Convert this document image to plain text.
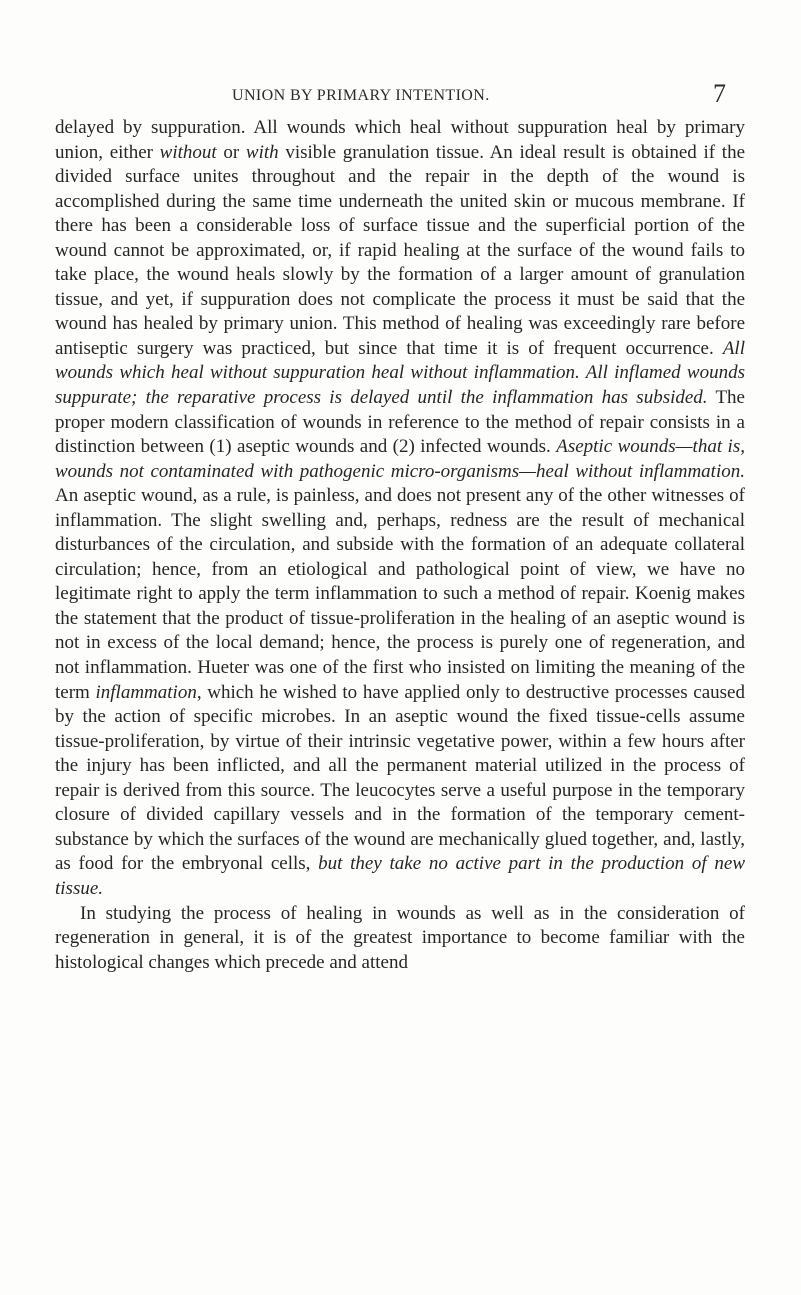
UNION BY PRIMARY INTENTION.	7

delayed by suppuration. All wounds which heal without suppuration heal by primary union, either without or with visible granulation tissue. An ideal result is obtained if the divided surface unites throughout and the repair in the depth of the wound is accomplished during the same time underneath the united skin or mucous membrane. If there has been a considerable loss of surface tissue and the superficial portion of the wound cannot be approximated, or, if rapid healing at the surface of the wound fails to take place, the wound heals slowly by the formation of a larger amount of granulation tissue, and yet, if suppuration does not complicate the process it must be said that the wound has healed by primary union. This method of healing was exceedingly rare before antiseptic surgery was practiced, but since that time it is of frequent occurrence. All wounds which heal without suppuration heal without inflammation. All inflamed wounds suppurate; the reparative process is delayed until the inflammation has subsided. The proper modern classification of wounds in reference to the method of repair consists in a distinction between (1) aseptic wounds and (2) infected wounds. Aseptic wounds—that is, wounds not contaminated with pathogenic micro-organisms—heal without inflammation. An aseptic wound, as a rule, is painless, and does not present any of the other witnesses of inflammation. The slight swelling and, perhaps, redness are the result of mechanical disturbances of the circulation, and subside with the formation of an adequate collateral circulation; hence, from an etiological and pathological point of view, we have no legitimate right to apply the term inflammation to such a method of repair. Koenig makes the statement that the product of tissue-proliferation in the healing of an aseptic wound is not in excess of the local demand; hence, the process is purely one of regeneration, and not inflammation. Hueter was one of the first who insisted on limiting the meaning of the term inflammation, which he wished to have applied only to destructive processes caused by the action of specific microbes. In an aseptic wound the fixed tissue-cells assume tissue-proliferation, by virtue of their intrinsic vegetative power, within a few hours after the injury has been inflicted, and all the permanent material utilized in the process of repair is derived from this source. The leucocytes serve a useful purpose in the temporary closure of divided capillary vessels and in the formation of the temporary cement-substance by which the surfaces of the wound are mechanically glued together, and, lastly, as food for the embryonal cells, but they take no active part in the production of new tissue.

In studying the process of healing in wounds as well as in the consideration of regeneration in general, it is of the greatest importance to become familiar with the histological changes which precede and attend
